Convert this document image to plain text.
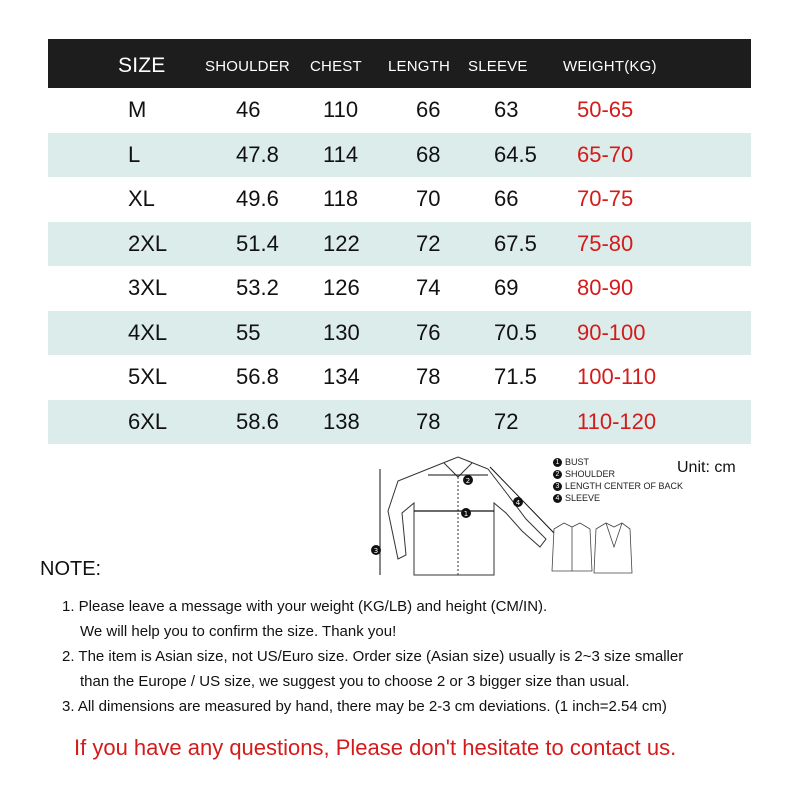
SIZE	SHOULDER CHEST LENGTH SLEEVE WEIGHT(KG)
M	46	110	66 63	50-65
L	47.8 114	68 64.5 65-70
XL	49.6 118	70 66	70-75
2XL	51.4 122	72 67.5 75-80
3XL	53.2 126	74 69	80-90
4XL	55	130	76 70.5 90-100
5XL	56.8 134	78 71.5 100-110
6XL	58.6 138	78 72	110-120
2
1
3
4
1 BUST
2 SHOULDER
3 LENGTH CENTER OF BACK
4 SLEEVE
Unit: cm
NOTE:
1. Please leave a message with your weight (KG/LB) and height (CM/IN).
We will help you to confirm the size. Thank you!
2. The item is Asian size, not US/Euro size. Order size (Asian size) usually is 2~3 size smaller
than the Europe / US size, we suggest you to choose 2 or 3 bigger size than usual.
3. All dimensions are measured by hand, there may be 2-3 cm deviations. (1 inch=2.54 cm)
If you have any questions, Please don't hesitate to contact us.
